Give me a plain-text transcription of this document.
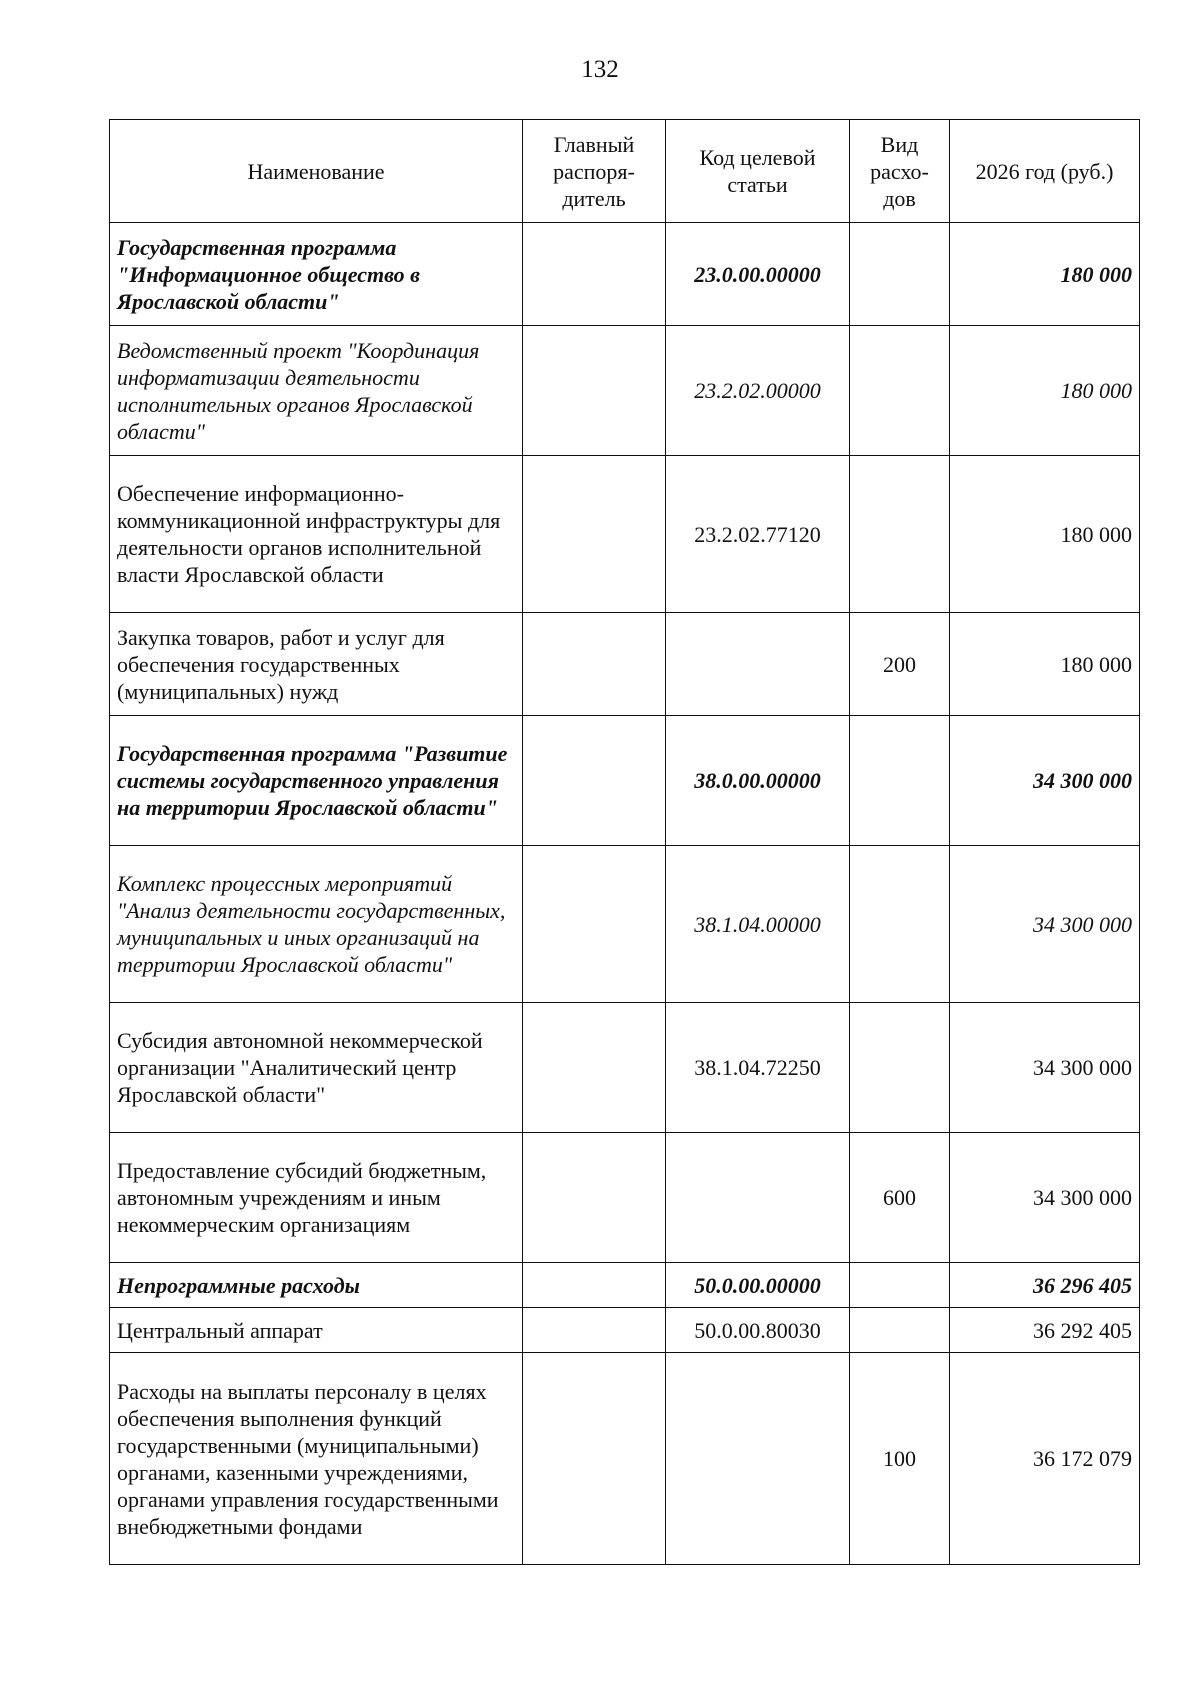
132
Наименование	Главный распоря-дитель	Код целевой статьи	Вид расхо-дов	2026 год (руб.)
Государственная программа "Информационное общество в Ярославской области"		23.0.00.00000		180 000
Ведомственный проект "Координация информатизации деятельности исполнительных органов Ярославской области"		23.2.02.00000		180 000
Обеспечение информационно-коммуникационной инфраструктуры для деятельности органов исполнительной власти Ярославской области		23.2.02.77120		180 000
Закупка товаров, работ и услуг для обеспечения государственных (муниципальных) нужд			200	180 000
Государственная программа "Развитие системы государственного управления на территории Ярославской области"		38.0.00.00000		34 300 000
Комплекс процессных мероприятий "Анализ деятельности государственных, муниципальных и иных организаций на территории Ярославской области"		38.1.04.00000		34 300 000
Субсидия автономной некоммерческой организации "Аналитический центр Ярославской области"		38.1.04.72250		34 300 000
Предоставление субсидий бюджетным, автономным учреждениям и иным некоммерческим организациям			600	34 300 000
Непрограммные расходы		50.0.00.00000		36 296 405
Центральный аппарат		50.0.00.80030		36 292 405
Расходы на выплаты персоналу в целях обеспечения выполнения функций государственными (муниципальными) органами, казенными учреждениями, органами управления государственными внебюджетными фондами			100	36 172 079
